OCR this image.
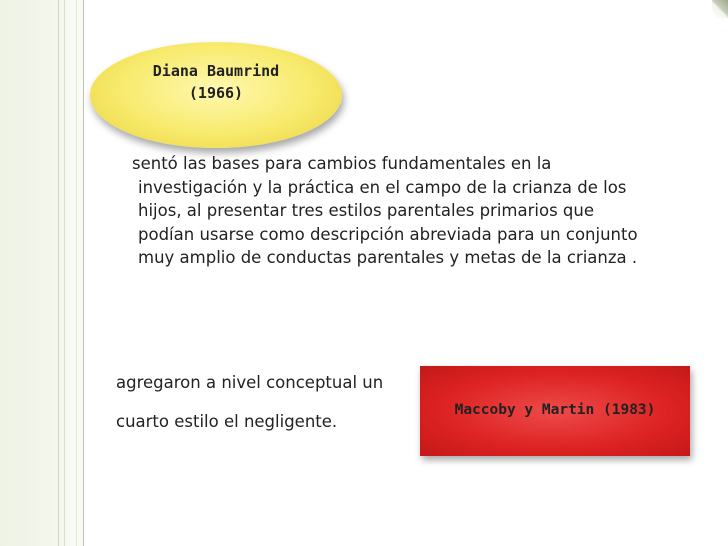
Diana Baumrind
(1966)
sentó las bases para cambios fundamentales en la
investigación y la práctica en el campo de la crianza de los
hijos, al presentar tres estilos parentales primarios que
podían usarse como descripción abreviada para un conjunto
muy amplio de conductas parentales y metas de la crianza .
agregaron a nivel conceptual un
cuarto estilo el negligente.
Maccoby y Martin (1983)
